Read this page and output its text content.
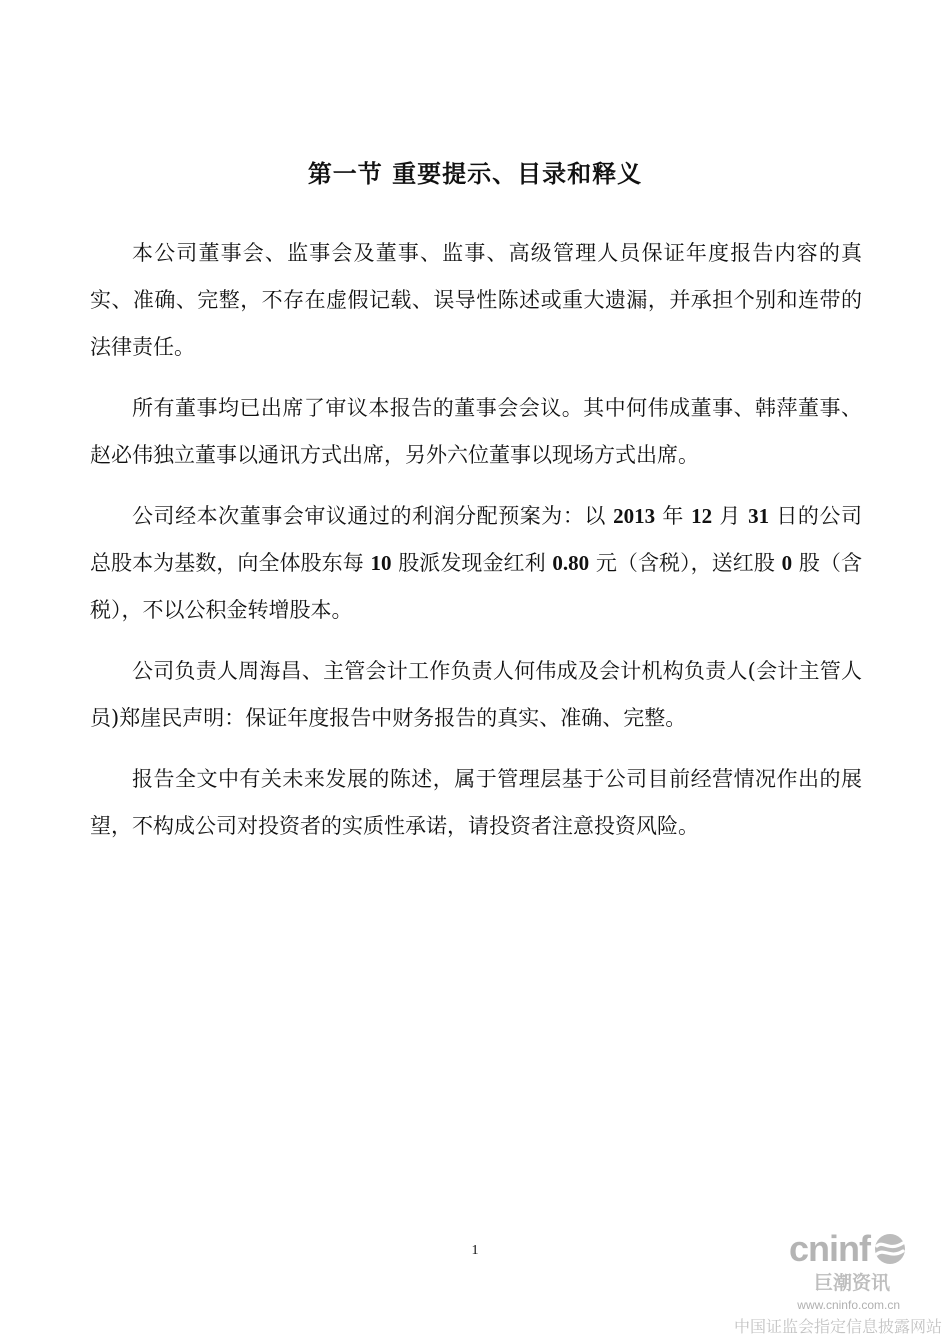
第一节 重要提示、目录和释义

本公司董事会、监事会及董事、监事、高级管理人员保证年度报告内容的真实、准确、完整，不存在虚假记载、误导性陈述或重大遗漏，并承担个别和连带的法律责任。

所有董事均已出席了审议本报告的董事会会议。其中何伟成董事、韩萍董事、赵必伟独立董事以通讯方式出席，另外六位董事以现场方式出席。

公司经本次董事会审议通过的利润分配预案为：以 2013 年 12 月 31 日的公司总股本为基数，向全体股东每 10 股派发现金红利 0.80 元（含税），送红股 0 股（含税），不以公积金转增股本。

公司负责人周海昌、主管会计工作负责人何伟成及会计机构负责人(会计主管人员)郑崖民声明：保证年度报告中财务报告的真实、准确、完整。

报告全文中有关未来发展的陈述，属于管理层基于公司目前经营情况作出的展望，不构成公司对投资者的实质性承诺，请投资者注意投资风险。

1	cninf
巨潮资讯
www.cninfo.com.cn
中国证监会指定信息披露网站
